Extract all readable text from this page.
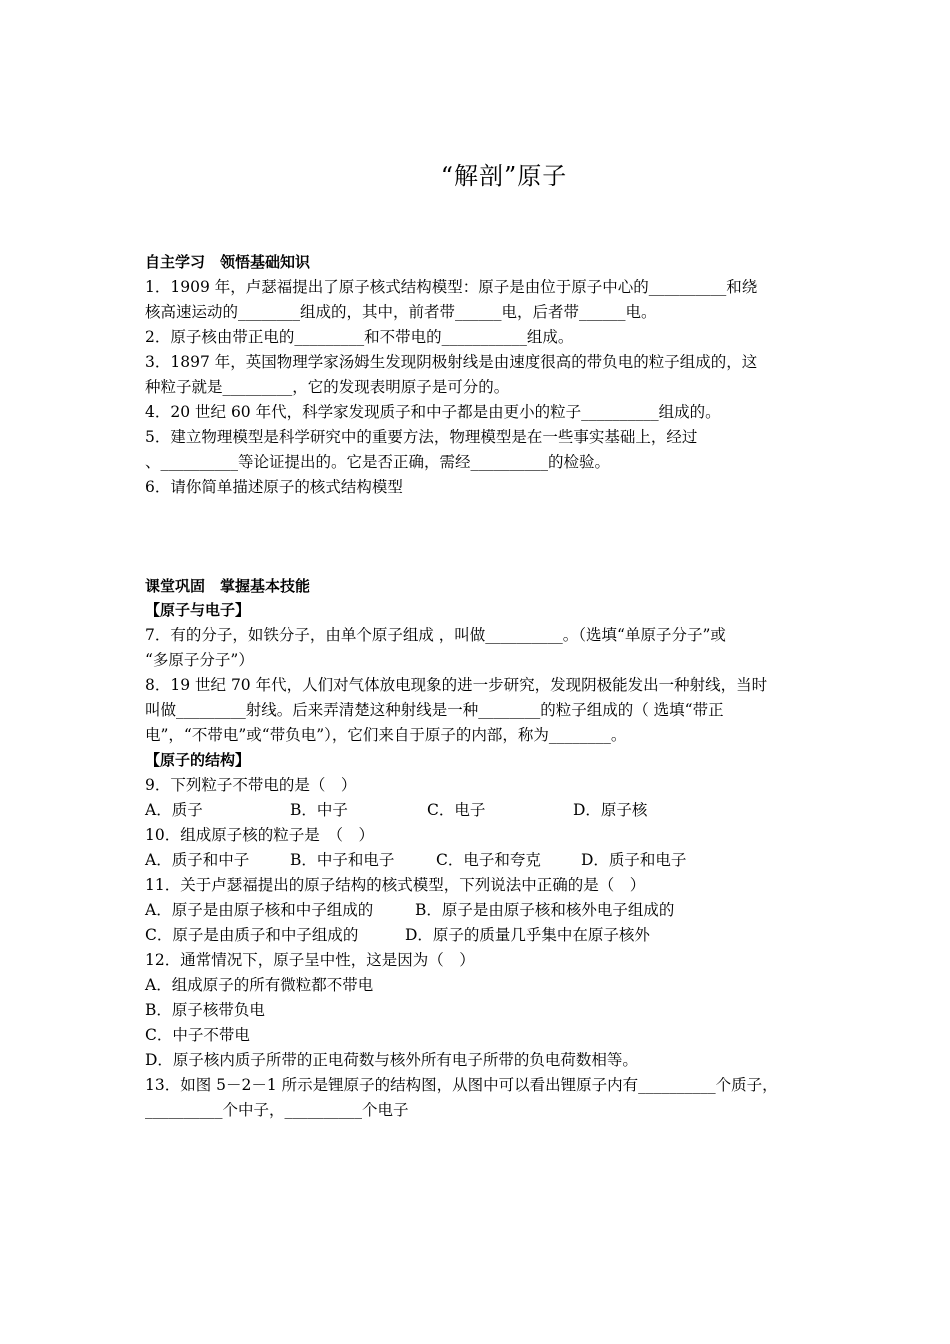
“解剖”原子
自主学习　领悟基础知识
1．1909 年，卢瑟福提出了原子核式结构模型：原子是由位于原子中心的__________和绕
核高速运动的________组成的，其中，前者带______电，后者带______电。
2．原子核由带正电的_________和不带电的___________组成。
3．1897 年，英国物理学家汤姆生发现阴极射线是由速度很高的带负电的粒子组成的，这
种粒子就是_________，它的发现表明原子是可分的。
4．20 世纪 60 年代，科学家发现质子和中子都是由更小的粒子__________组成的。
5．建立物理模型是科学研究中的重要方法，物理模型是在一些事实基础上，经过
、__________等论证提出的。它是否正确，需经__________的检验。
6．请你简单描述原子的核式结构模型
课堂巩固　掌握基本技能
【原子与电子】
7．有的分子，如铁分子，由单个原子组成 ，叫做__________。（选填“单原子分子”或
“多原子分子”）
8．19 世纪 70 年代，人们对气体放电现象的进一步研究，发现阴极能发出一种射线，当时
叫做_________射线。后来弄清楚这种射线是一种________的粒子组成的（ 选填“带正
电”，“不带电”或“带负电”），它们来自于原子的内部，称为________。
【原子的结构】
9．下列粒子不带电的是（　）
A．质子	B．中子	C．电子	D．原子核
10．组成原子核的粒子是　（　）
A．质子和中子	B．中子和电子	C．电子和夸克	D．质子和电子
11．关于卢瑟福提出的原子结构的核式模型，下列说法中正确的是（　）
A．原子是由原子核和中子组成的	B．原子是由原子核和核外电子组成的
C．原子是由质子和中子组成的	D．原子的质量几乎集中在原子核外
12．通常情况下，原子呈中性，这是因为（　）
A．组成原子的所有微粒都不带电
B．原子核带负电
C．中子不带电
D．原子核内质子所带的正电荷数与核外所有电子所带的负电荷数相等。
13．如图 5－2－1 所示是锂原子的结构图，从图中可以看出锂原子内有__________个质子，
__________个中子，__________个电子
